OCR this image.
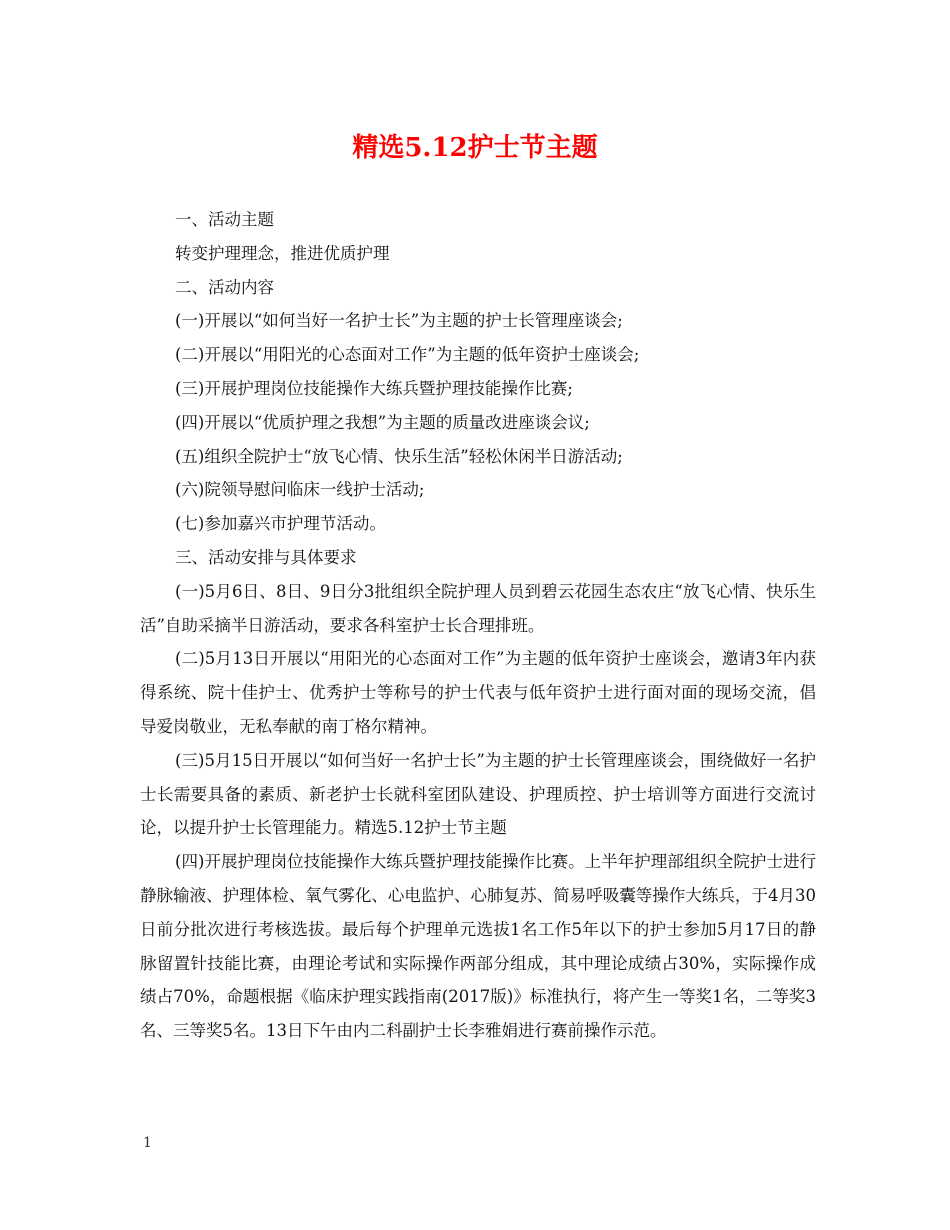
精选5.12护士节主题

一、活动主题

转变护理理念，推进优质护理

二、活动内容

(一)开展以“如何当好一名护士长”为主题的护士长管理座谈会;

(二)开展以“用阳光的心态面对工作”为主题的低年资护士座谈会;

(三)开展护理岗位技能操作大练兵暨护理技能操作比赛;

(四)开展以“优质护理之我想”为主题的质量改进座谈会议;

(五)组织全院护士“放飞心情、快乐生活”轻松休闲半日游活动;

(六)院领导慰问临床一线护士活动;

(七)参加嘉兴市护理节活动。

三、活动安排与具体要求

(一)5月6日、8日、9日分3批组织全院护理人员到碧云花园生态农庄“放飞心情、快乐生活”自助采摘半日游活动，要求各科室护士长合理排班。

(二)5月13日开展以“用阳光的心态面对工作”为主题的低年资护士座谈会，邀请3年内获得系统、院十佳护士、优秀护士等称号的护士代表与低年资护士进行面对面的现场交流，倡导爱岗敬业，无私奉献的南丁格尔精神。

(三)5月15日开展以“如何当好一名护士长”为主题的护士长管理座谈会，围绕做好一名护士长需要具备的素质、新老护士长就科室团队建设、护理质控、护士培训等方面进行交流讨论，以提升护士长管理能力。精选5.12护士节主题

(四)开展护理岗位技能操作大练兵暨护理技能操作比赛。上半年护理部组织全院护士进行静脉输液、护理体检、氧气雾化、心电监护、心肺复苏、简易呼吸囊等操作大练兵，于4月30日前分批次进行考核选拔。最后每个护理单元选拔1名工作5年以下的护士参加5月17日的静脉留置针技能比赛，由理论考试和实际操作两部分组成，其中理论成绩占30%，实际操作成绩占70%，命题根据《临床护理实践指南(2017版)》标准执行，将产生一等奖1名，二等奖3名、三等奖5名。13日下午由内二科副护士长李雅娟进行赛前操作示范。

1
